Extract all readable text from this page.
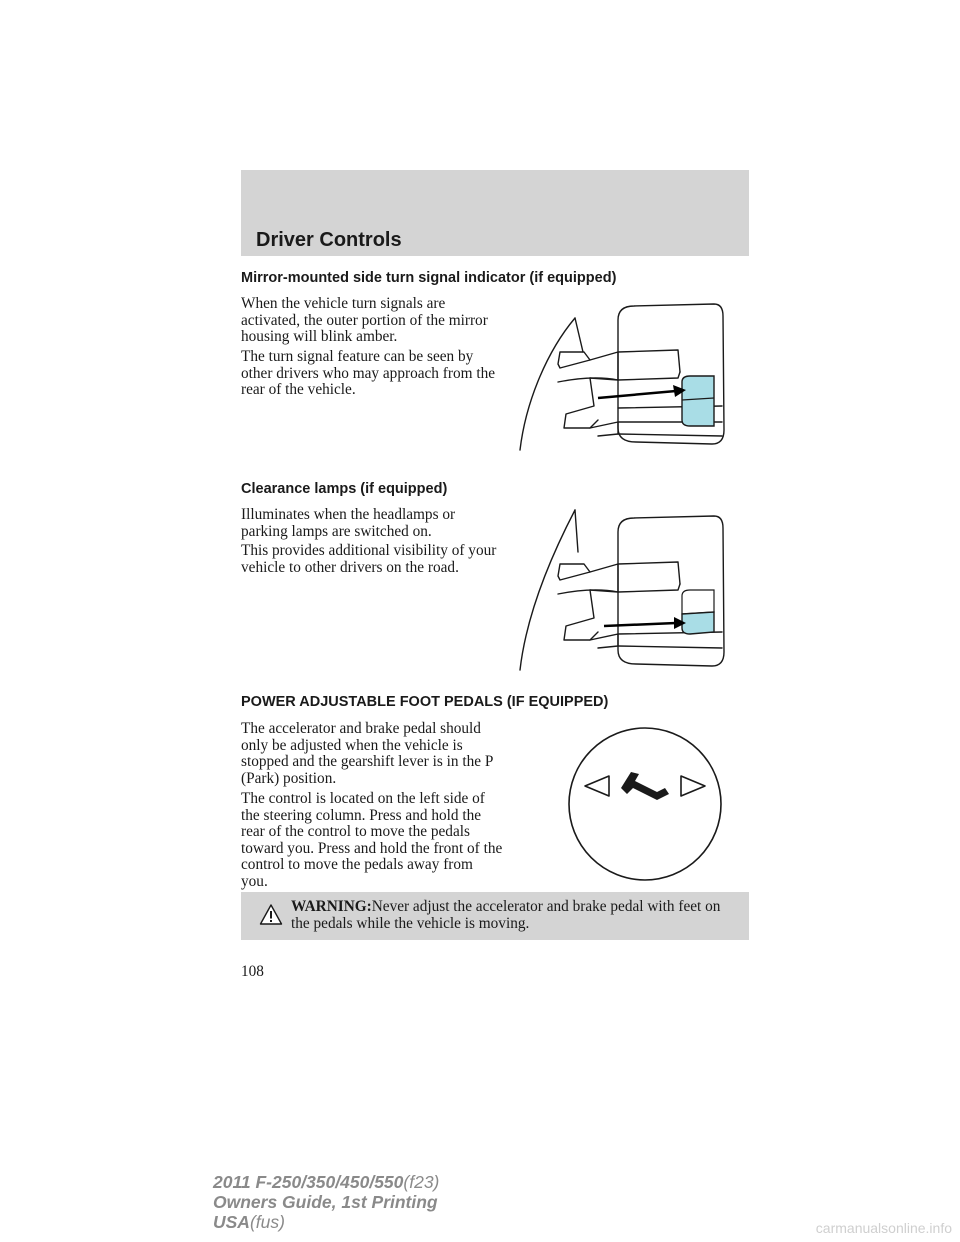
Driver Controls
Mirror-mounted side turn signal indicator (if equipped)
When the vehicle turn signals are activated, the outer portion of the mirror housing will blink amber.
The turn signal feature can be seen by other drivers who may approach from the rear of the vehicle.
Clearance lamps (if equipped)
Illuminates when the headlamps or parking lamps are switched on.
This provides additional visibility of your vehicle to other drivers on the road.
POWER ADJUSTABLE FOOT PEDALS (IF EQUIPPED)
The accelerator and brake pedal should only be adjusted when the vehicle is stopped and the gearshift lever is in the P (Park) position.
The control is located on the left side of the steering column. Press and hold the rear of the control to move the pedals toward you. Press and hold the front of the control to move the pedals away from you.
WARNING:Never adjust the accelerator and brake pedal with feet on the pedals while the vehicle is moving.
108
2011 F-250/350/450/550(f23)
Owners Guide, 1st Printing
USA(fus)	carmanualsonline.info
